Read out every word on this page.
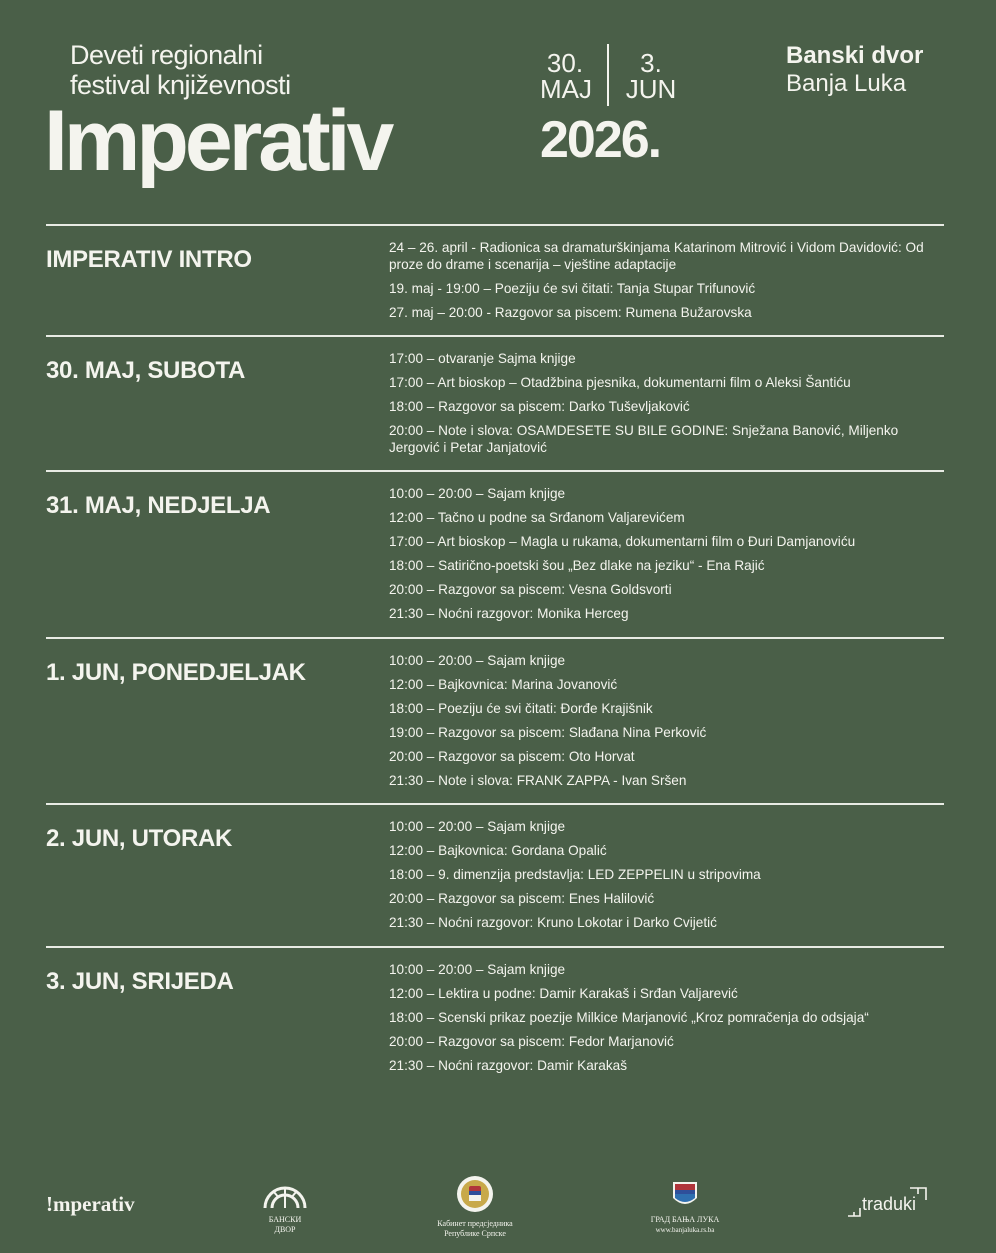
Deveti regionalni
festival književnosti
Imperativ
30.
MAJ
3.
JUN
2026.
Banski dvor
Banja Luka
IMPERATIV INTRO	24 – 26. april - Radionica sa dramaturškinjama Katarinom Mitrović i Vidom Davidović: Od proze do drame i scenarija – vještine adaptacije
19. maj - 19:00 – Poeziju će svi čitati: Tanja Stupar Trifunović
27. maj – 20:00 - Razgovor sa piscem: Rumena Bužarovska
30. MAJ, SUBOTA	17:00 – otvaranje Sajma knjige
17:00 – Art bioskop – Otadžbina pjesnika, dokumentarni film o Aleksi Šantiću
18:00 – Razgovor sa piscem: Darko Tuševljaković
20:00 – Note i slova: OSAMDESETE SU BILE GODINE: Snježana Banović, Miljenko Jergović i Petar Janjatović
31. MAJ, NEDJELJA	10:00 – 20:00 – Sajam knjige
12:00 – Tačno u podne sa Srđanom Valjarevićem
17:00 – Art bioskop – Magla u rukama, dokumentarni film o Đuri Damjanoviću
18:00 – Satirično-poetski šou „Bez dlake na jeziku“ - Ena Rajić
20:00 – Razgovor sa piscem: Vesna Goldsvorti
21:30 – Noćni razgovor: Monika Herceg
1. JUN, PONEDJELJAK	10:00 – 20:00 – Sajam knjige
12:00 – Bajkovnica: Marina Jovanović
18:00 – Poeziju će svi čitati: Đorđe Krajišnik
19:00 – Razgovor sa piscem: Slađana Nina Perković
20:00 – Razgovor sa piscem: Oto Horvat
21:30 – Note i slova: FRANK ZAPPA - Ivan Sršen
2. JUN, UTORAK	10:00 – 20:00 – Sajam knjige
12:00 – Bajkovnica: Gordana Opalić
18:00 – 9. dimenzija predstavlja: LED ZEPPELIN u stripovima
20:00 – Razgovor sa piscem: Enes Halilović
21:30 – Noćni razgovor: Kruno Lokotar i Darko Cvijetić
3. JUN, SRIJEDA	10:00 – 20:00 – Sajam knjige
12:00 – Lektira u podne: Damir Karakaš i Srđan Valjarević
18:00 – Scenski prikaz poezije Milkice Marjanović „Kroz pomračenja do odsjaja“
20:00 – Razgovor sa piscem: Fedor Marjanović
21:30 – Noćni razgovor: Damir Karakaš
!mperativ
БАНСКИ ДВОР
Кабинет предсједника
Републике Српске
ГРАД БАЊА ЛУКА
www.banjaluka.rs.ba
traduki
